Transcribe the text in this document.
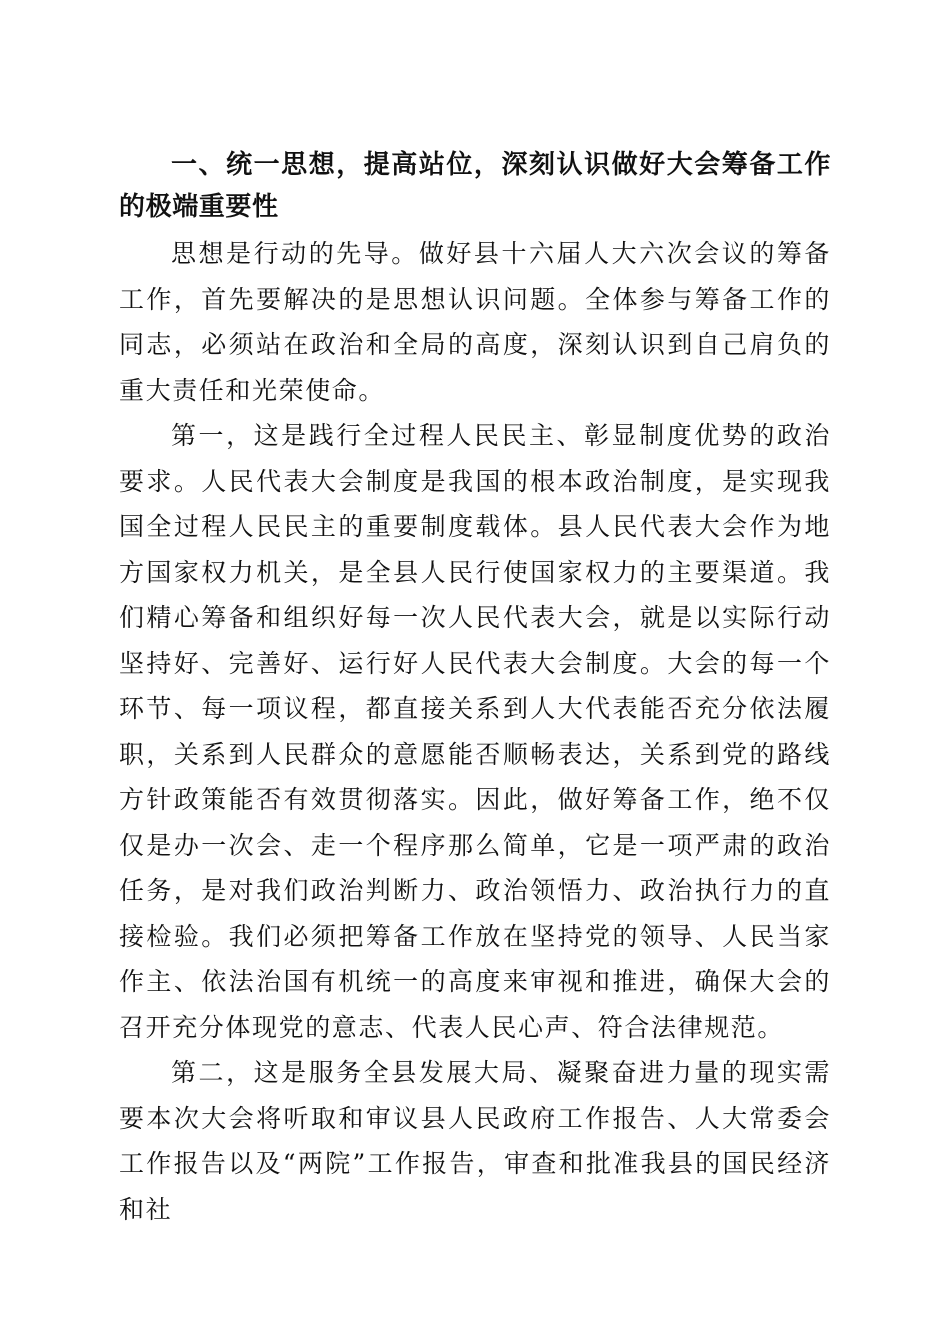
一、统一思想，提高站位，深刻认识做好大会筹备工作的极端重要性

思想是行动的先导。做好县十六届人大六次会议的筹备工作，首先要解决的是思想认识问题。全体参与筹备工作的同志，必须站在政治和全局的高度，深刻认识到自己肩负的重大责任和光荣使命。

第一，这是践行全过程人民民主、彰显制度优势的政治要求。人民代表大会制度是我国的根本政治制度，是实现我国全过程人民民主的重要制度载体。县人民代表大会作为地方国家权力机关，是全县人民行使国家权力的主要渠道。我们精心筹备和组织好每一次人民代表大会，就是以实际行动坚持好、完善好、运行好人民代表大会制度。大会的每一个环节、每一项议程，都直接关系到人大代表能否充分依法履职，关系到人民群众的意愿能否顺畅表达，关系到党的路线方针政策能否有效贯彻落实。因此，做好筹备工作，绝不仅仅是办一次会、走一个程序那么简单，它是一项严肃的政治任务，是对我们政治判断力、政治领悟力、政治执行力的直接检验。我们必须把筹备工作放在坚持党的领导、人民当家作主、依法治国有机统一的高度来审视和推进，确保大会的召开充分体现党的意志、代表人民心声、符合法律规范。

第二，这是服务全县发展大局、凝聚奋进力量的现实需要本次大会将听取和审议县人民政府工作报告、人大常委会工作报告以及“两院”工作报告，审查和批准我县的国民经济和社
